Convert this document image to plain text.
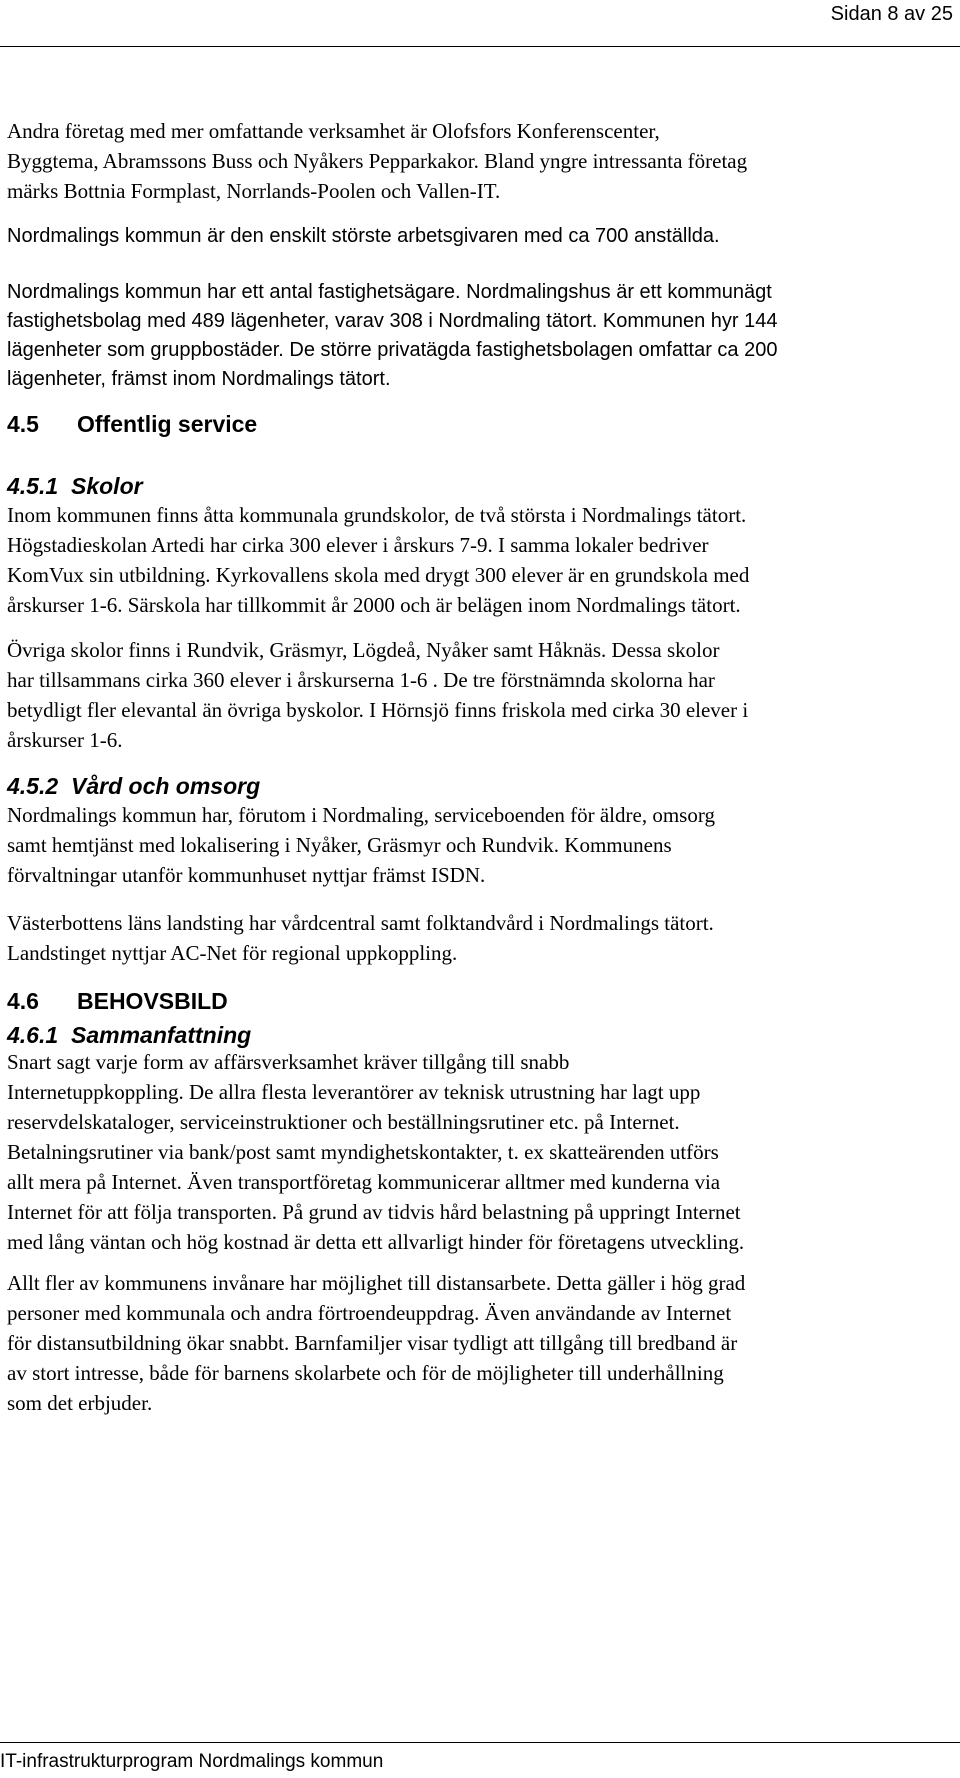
Sidan 8 av 25
Andra företag med mer omfattande verksamhet är Olofsfors Konferenscenter,
Byggtema, Abramssons Buss och Nyåkers Pepparkakor. Bland yngre intressanta företag
märks Bottnia Formplast, Norrlands-Poolen och Vallen-IT.
Nordmalings kommun är den enskilt störste arbetsgivaren med ca 700 anställda.
Nordmalings kommun har ett antal fastighetsägare. Nordmalingshus är ett kommunägt
fastighetsbolag med 489 lägenheter, varav 308 i Nordmaling tätort. Kommunen hyr 144
lägenheter som gruppbostäder. De större privatägda fastighetsbolagen omfattar ca 200
lägenheter, främst inom Nordmalings tätort.
4.5 Offentlig service
4.5.1 Skolor
Inom kommunen finns åtta kommunala grundskolor, de två största i Nordmalings tätort.
Högstadieskolan Artedi har cirka 300 elever i årskurs 7-9. I samma lokaler bedriver
KomVux sin utbildning. Kyrkovallens skola med drygt 300 elever är en grundskola med
årskurser 1-6. Särskola har tillkommit år 2000 och är belägen inom Nordmalings tätort.
Övriga skolor finns i Rundvik, Gräsmyr, Lögdeå, Nyåker samt Håknäs. Dessa skolor
har tillsammans cirka 360 elever i årskurserna 1-6 . De tre förstnämnda skolorna har
betydligt fler elevantal än övriga byskolor. I Hörnsjö finns friskola med cirka 30 elever i
årskurser 1-6.
4.5.2 Vård och omsorg
Nordmalings kommun har, förutom i Nordmaling, serviceboenden för äldre, omsorg
samt hemtjänst med lokalisering i Nyåker, Gräsmyr och Rundvik. Kommunens
förvaltningar utanför kommunhuset nyttjar främst ISDN.
Västerbottens läns landsting har vårdcentral samt folktandvård i Nordmalings tätort.
Landstinget nyttjar AC-Net för regional uppkoppling.
4.6 BEHOVSBILD
4.6.1 Sammanfattning
Snart sagt varje form av affärsverksamhet kräver tillgång till snabb
Internetuppkoppling. De allra flesta leverantörer av teknisk utrustning har lagt upp
reservdelskataloger, serviceinstruktioner och beställningsrutiner etc. på Internet.
Betalningsrutiner via bank/post samt myndighetskontakter, t. ex skatteärenden utförs
allt mera på Internet. Även transportföretag kommunicerar alltmer med kunderna via
Internet för att följa transporten. På grund av tidvis hård belastning på uppringt Internet
med lång väntan och hög kostnad är detta ett allvarligt hinder för företagens utveckling.
Allt fler av kommunens invånare har möjlighet till distansarbete. Detta gäller i hög grad
personer med kommunala och andra förtroendeuppdrag. Även användande av Internet
för distansutbildning ökar snabbt. Barnfamiljer visar tydligt att tillgång till bredband är
av stort intresse, både för barnens skolarbete och för de möjligheter till underhållning
som det erbjuder.
IT-infrastrukturprogram Nordmalings kommun
